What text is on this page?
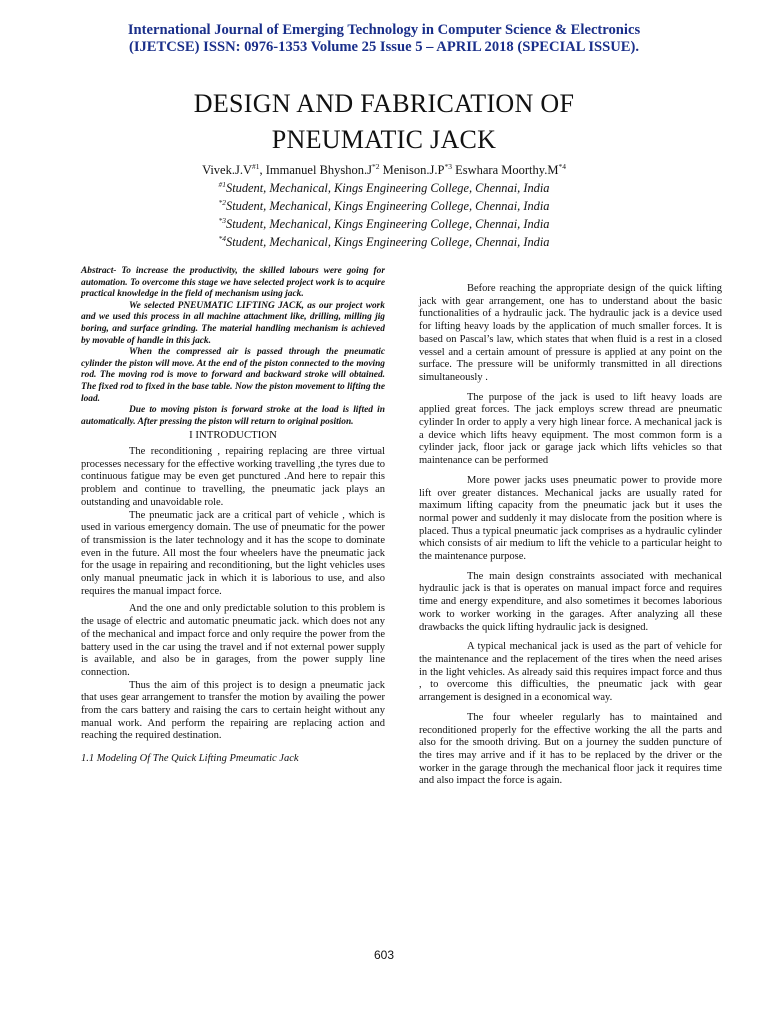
International Journal of Emerging Technology in Computer Science & Electronics
(IJETCSE) ISSN: 0976-1353 Volume 25 Issue 5 – APRIL 2018 (SPECIAL ISSUE).
DESIGN AND FABRICATION OF
PNEUMATIC JACK
$Vivek.J.V^{\#1}$, Immanuel $Bhyshon.J^{*2}$ $Menison.J.P^{*3}$ Eswhara $Moorthy.M^{*4}$
$^{\#1}$Student, Mechanical, Kings Engineering College, Chennai, India
$^{*2}$Student, Mechanical, Kings Engineering College, Chennai, India
$^{*3}$Student, Mechanical, Kings Engineering College, Chennai, India
$^{*4}$Student, Mechanical, Kings Engineering College, Chennai, India

Abstract- To increase the productivity, the skilled labours were going for automation. To overcome this stage we have selected project work is to acquire practical knowledge in the field of mechanism using jack.

We selected PNEUMATIC LIFTING JACK, as our project work and we used this process in all machine attachment like, drilling, milling jig boring, and surface grinding. The material handling mechanism is achieved by movable of handle in this jack.

When the compressed air is passed through the pneumatic cylinder the piston will move. At the end of the piston connected to the moving rod. The moving rod is move to forward and backward stroke will obtained. The fixed rod to fixed in the base table. Now the piston movement to lifting the load.

Due to moving piston is forward stroke at the load is lifted in automatically. After pressing the piston will return to original position.

I INTRODUCTION

The reconditioning , repairing replacing are three virtual processes necessary for the effective working travelling ,the tyres due to continuous fatigue may be even get punctured .And here to repair this problem and continue to travelling, the pneumatic jack plays an outstanding and unavoidable role.

The pneumatic jack are a critical part of vehicle , which is used in various emergency domain. The use of pneumatic for the power of transmission is the later technology and it has the scope to dominate even in the future. All most the four wheelers have the pneumatic jack for the usage in repairing and reconditioning, but the light vehicles uses only manual pneumatic jack in which it is laborious to use, and also requires the manual impact force.

And the one and only predictable solution to this problem is the usage of electric and automatic pneumatic jack. which does not any of the mechanical and impact force and only require the power from the battery used in the car using the travel and if not external power supply is available, and also be in garages, from the power supply line connection.

Thus the aim of this project is to design a pneumatic jack that uses gear arrangement to transfer the motion by availing the power from the cars battery and raising the cars to certain height without any manual work. And perform the repairing are replacing action and reaching the required destination.

1.1 Modeling Of The Quick Lifting Pmeumatic Jack

Before reaching the appropriate design of the quick lifting jack with gear arrangement, one has to understand about the basic functionalities of a hydraulic jack. The hydraulic jack is a device used for lifting heavy loads by the application of much smaller forces. It is based on Pascal’s law, which states that when fluid is a rest in a closed vessel and a certain amount of pressure is applied at any point on the surface. The pressure will be uniformly transmitted in all directions simultaneously .

The purpose of the jack is used to lift heavy loads are applied great forces. The jack employs screw thread are pneumatic cylinder In order to apply a very high linear force. A mechanical jack is a device which lifts heavy equipment. The most common form is a cylinder jack, floor jack or garage jack which lifts vehicles so that maintenance can be performed

More power jacks uses pneumatic power to provide more lift over greater distances. Mechanical jacks are usually rated for maximum lifting capacity from the pneumatic jack but it uses the normal power and suddenly it may dislocate from the position where is placed. Thus a typical pneumatic jack comprises as a hydraulic cylinder which consists of air medium to lift the vehicle to a particular height to the maintenance purpose.

The main design constraints associated with mechanical hydraulic jack is that is operates on manual impact force and requires time and energy expenditure, and also sometimes it becomes laborious work to worker working in the garages. After analyzing all these drawbacks the quick lifting hydraulic jack is designed.

A typical mechanical jack is used as the part of vehicle for the maintenance and the replacement of the tires when the need arises in the light vehicles. As already said this requires impact force and thus , to overcome this difficulties, the pneumatic jack with gear arrangement is designed in a economical way.

The four wheeler regularly has to maintained and reconditioned properly for the effective working the all the parts and also for the smooth driving. But on a journey the sudden puncture of the tires may arrive and if it has to be replaced by the driver or the worker in the garage through the mechanical floor jack it requires time and also impact the force is again.

603
